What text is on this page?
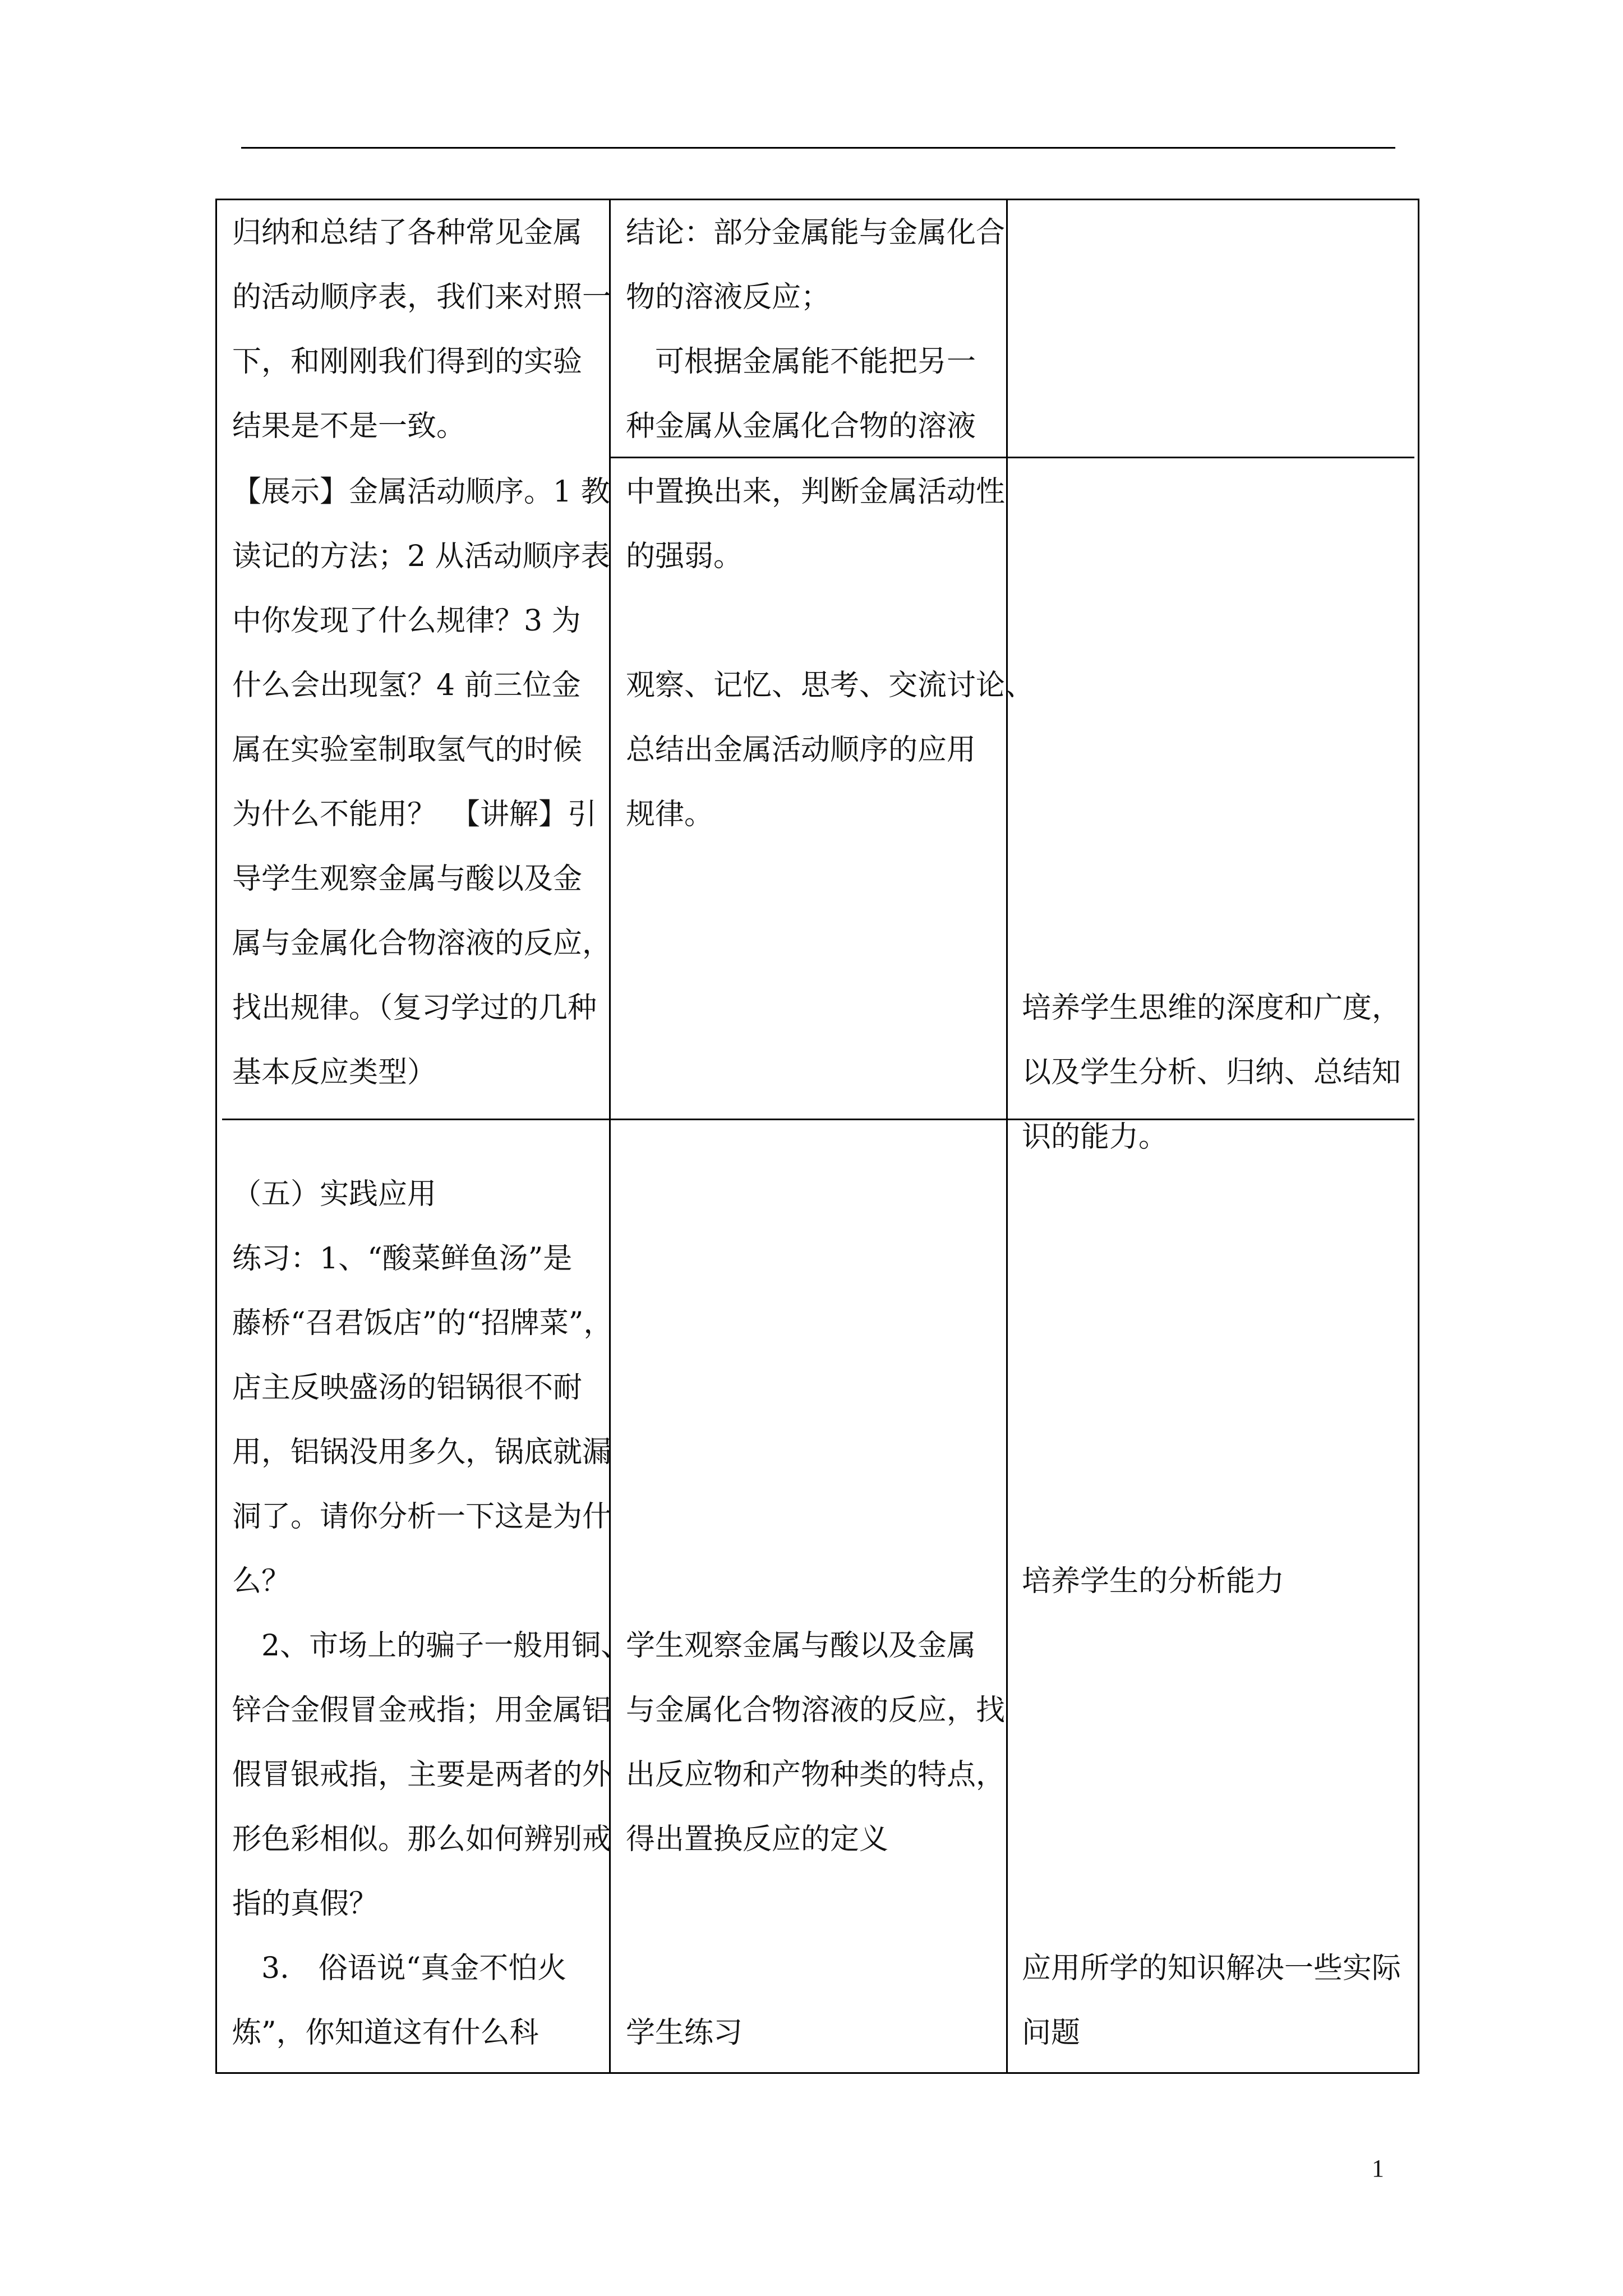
归纳和总结了各种常见金属
的活动顺序表，我们来对照一
下，和刚刚我们得到的实验
结果是不是一致。
结论：部分金属能与金属化合
物的溶液反应；
　可根据金属能不能把另一
种金属从金属化合物的溶液
【展示】金属活动顺序。1 教
读记的方法；2 从活动顺序表
中你发现了什么规律？3 为
什么会出现氢？4 前三位金
属在实验室制取氢气的时候
为什么不能用？　【讲解】引
导学生观察金属与酸以及金
属与金属化合物溶液的反应，
找出规律。（复习学过的几种
基本反应类型）
中置换出来，判断金属活动性
的强弱。
观察、记忆、思考、交流讨论、
总结出金属活动顺序的应用
规律。
培养学生思维的深度和广度，
以及学生分析、归纳、总结知
识的能力。
（五）实践应用
练习：1、“酸菜鲜鱼汤”是
藤桥“召君饭店”的“招牌菜”，
店主反映盛汤的铝锅很不耐
用，铝锅没用多久，锅底就漏
洞了。请你分析一下这是为什
么？
　2、市场上的骗子一般用铜、
锌合金假冒金戒指；用金属铝
假冒银戒指，主要是两者的外
形色彩相似。那么如何辨别戒
指的真假？
　3.　俗语说“真金不怕火
炼”，你知道这有什么科
学生观察金属与酸以及金属
与金属化合物溶液的反应，找
出反应物和产物种类的特点，
得出置换反应的定义
学生练习
培养学生的分析能力
应用所学的知识解决一些实际
问题
1
